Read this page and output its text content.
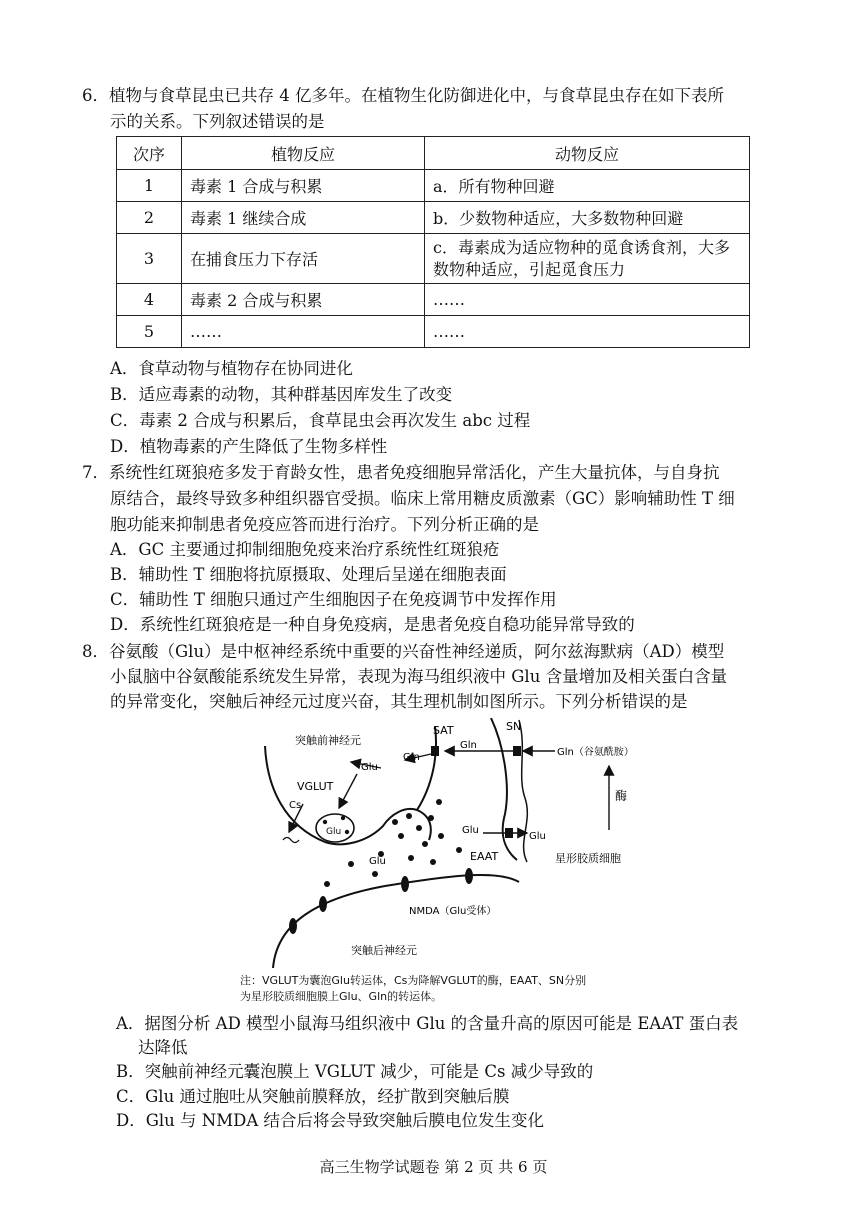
6．植物与食草昆虫已共存 4 亿多年。在植物生化防御进化中，与食草昆虫存在如下表所
示的关系。下列叙述错误的是
次序	植物反应	动物反应
1	毒素 1 合成与积累	a．所有物种回避
2	毒素 1 继续合成	b．少数物种适应，大多数物种回避
3	在捕食压力下存活	c．毒素成为适应物种的觅食诱食剂，大多数物种适应，引起觅食压力
4	毒素 2 合成与积累	……
5	……	……
A．食草动物与植物存在协同进化
B．适应毒素的动物，其种群基因库发生了改变
C．毒素 2 合成与积累后，食草昆虫会再次发生 abc 过程
D．植物毒素的产生降低了生物多样性
7．系统性红斑狼疮多发于育龄女性，患者免疫细胞异常活化，产生大量抗体，与自身抗
原结合，最终导致多种组织器官受损。临床上常用糖皮质激素（GC）影响辅助性 T 细
胞功能来抑制患者免疫应答而进行治疗。下列分析正确的是
A．GC 主要通过抑制细胞免疫来治疗系统性红斑狼疮
B．辅助性 T 细胞将抗原摄取、处理后呈递在细胞表面
C．辅助性 T 细胞只通过产生细胞因子在免疫调节中发挥作用
D．系统性红斑狼疮是一种自身免疫病，是患者免疫自稳功能异常导致的
8．谷氨酸（Glu）是中枢神经系统中重要的兴奋性神经递质，阿尔兹海默病（AD）模型
小鼠脑中谷氨酸能系统发生异常，表现为海马组织液中 Glu 含量增加及相关蛋白含量
的异常变化，突触后神经元过度兴奋，其生理机制如图所示。下列分析错误的是
Glu
突触前神经元
SAT	SN
Gln
Gln	Gln（谷氨酰胺）
Glu
VGLUT
Cs
酶
Glu
Glu
Glu	EAAT	星形胶质细胞
NMDA（Glu受体）
突触后神经元
注：VGLUT为囊泡Glu转运体，Cs为降解VGLUT的酶，EAAT、SN分别
为星形胶质细胞膜上Glu、Gln的转运体。
A．据图分析 AD 模型小鼠海马组织液中 Glu 的含量升高的原因可能是 EAAT 蛋白表
达降低
B．突触前神经元囊泡膜上 VGLUT 减少，可能是 Cs 减少导致的
C．Glu 通过胞吐从突触前膜释放，经扩散到突触后膜
D．Glu 与 NMDA 结合后将会导致突触后膜电位发生变化
高三生物学试题卷 第 2 页 共 6 页
